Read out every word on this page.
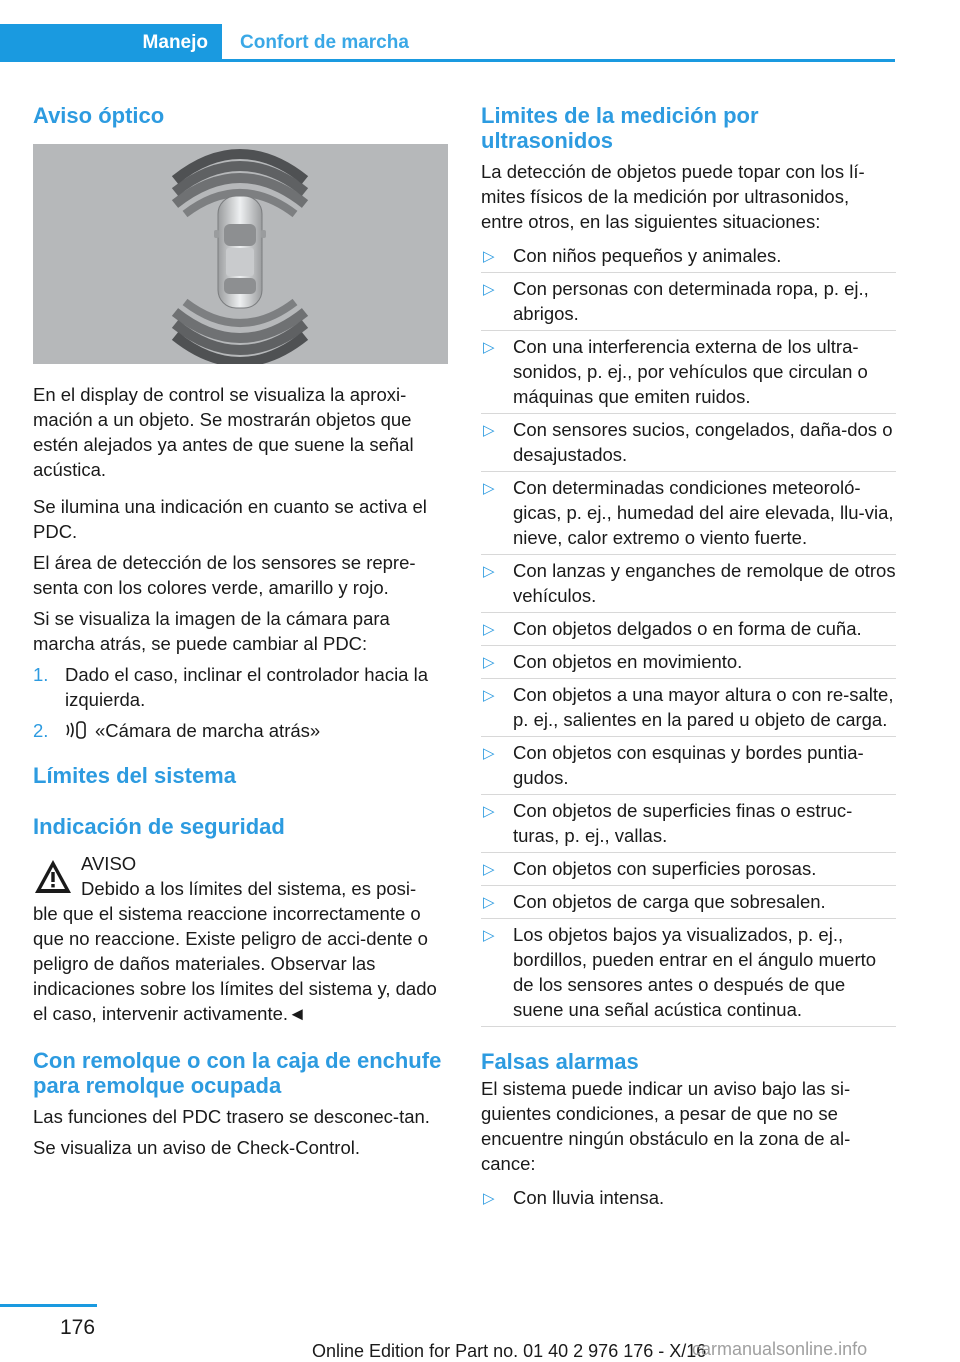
Manejo Confort de marcha
Aviso óptico

En el display de control se visualiza la aproxi-mación a un objeto. Se mostrarán objetos que estén alejados ya antes de que suene la señal acústica.

Se ilumina una indicación en cuanto se activa el PDC.

El área de detección de los sensores se repre-senta con los colores verde, amarillo y rojo.

Si se visualiza la imagen de la cámara para marcha atrás, se puede cambiar al PDC:

1. Dado el caso, inclinar el controlador hacia la izquierda.
2.	«Cámara de marcha atrás»
Límites del sistema
Indicación de seguridad

AVISO

Debido a los límites del sistema, es posi-

ble que el sistema reaccione incorrectamente o que no reaccione. Existe peligro de acci-dente o peligro de daños materiales. Observar las indicaciones sobre los límites del sistema y, dado el caso, intervenir activamente.◄

Con remolque o con la caja de enchufe para remolque ocupada

Las funciones del PDC trasero se desconec-tan.

Se visualiza un aviso de Check-Control.

Limites de la medición por ultrasonidos

La detección de objetos puede topar con los lí-mites físicos de la medición por ultrasonidos, entre otros, en las siguientes situaciones:

▷ Con niños pequeños y animales.
▷ Con personas con determinada ropa, p. ej., abrigos.
▷ Con una interferencia externa de los ultra-sonidos, p. ej., por vehículos que circulan o máquinas que emiten ruidos.
▷ Con sensores sucios, congelados, daña-dos o desajustados.
▷ Con determinadas condiciones meteoroló-gicas, p. ej., humedad del aire elevada, llu-via, nieve, calor extremo o viento fuerte.
▷ Con lanzas y enganches de remolque de otros vehículos.
▷ Con objetos delgados o en forma de cuña.
▷ Con objetos en movimiento.
▷ Con objetos a una mayor altura o con re-salte, p. ej., salientes en la pared u objeto de carga.
▷ Con objetos con esquinas y bordes puntia-gudos.
▷ Con objetos de superficies finas o estruc-turas, p. ej., vallas.
▷ Con objetos con superficies porosas.
▷ Con objetos de carga que sobresalen.
▷ Los objetos bajos ya visualizados, p. ej., bordillos, pueden entrar en el ángulo muerto de los sensores antes o después de que suene una señal acústica continua.
Falsas alarmas

El sistema puede indicar un aviso bajo las si-guientes condiciones, a pesar de que no se encuentre ningún obstáculo en la zona de al-cance:

▷ Con lluvia intensa.
176
Online Edition for Part no. 01 40 2 976 176 - X/16
carmanualsonline.info
